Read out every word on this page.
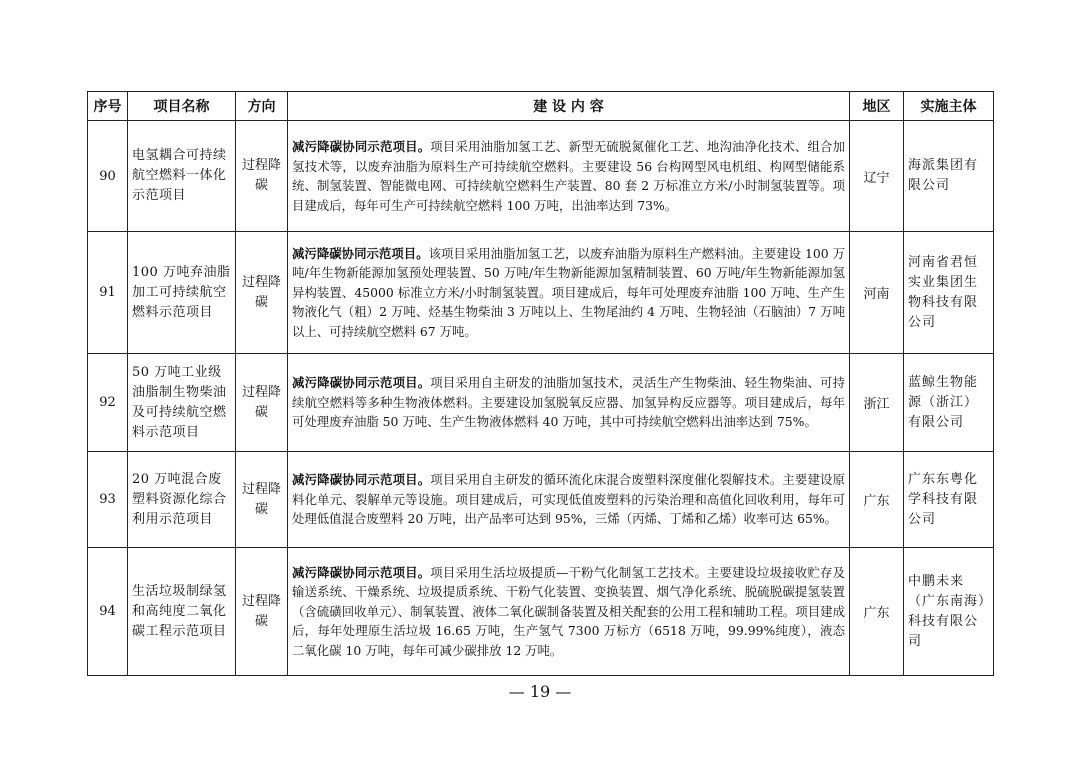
序号	项目名称	方向	建 设 内 容	地区	实施主体
90	电氢耦合可持续航空燃料一体化示范项目	过程降碳	减污降碳协同示范项目。项目采用油脂加氢工艺、新型无硫脱氮催化工艺、地沟油净化技术、组合加氢技术等，以废弃油脂为原料生产可持续航空燃料。主要建设 56 台构网型风电机组、构网型储能系统、制氢装置、智能微电网、可持续航空燃料生产装置、80 套 2 万标准立方米/小时制氢装置等。项目建成后，每年可生产可持续航空燃料 100 万吨，出油率达到 73%。	辽宁	海派集团有限公司
91	100 万吨弃油脂加工可持续航空燃料示范项目	过程降碳	减污降碳协同示范项目。该项目采用油脂加氢工艺，以废弃油脂为原料生产燃料油。主要建设 100 万吨/年生物新能源加氢预处理装置、50 万吨/年生物新能源加氢精制装置、60 万吨/年生物新能源加氢异构装置、45000 标准立方米/小时制氢装置。项目建成后，每年可处理废弃油脂 100 万吨、生产生物液化气（粗）2 万吨、烃基生物柴油 3 万吨以上、生物尾油约 4 万吨、生物轻油（石脑油）7 万吨以上、可持续航空燃料 67 万吨。	河南	河南省君恒实业集团生物科技有限公司
92	50 万吨工业级油脂制生物柴油及可持续航空燃料示范项目	过程降碳	减污降碳协同示范项目。项目采用自主研发的油脂加氢技术，灵活生产生物柴油、轻生物柴油、可持续航空燃料等多种生物液体燃料。主要建设加氢脱氧反应器、加氢异构反应器等。项目建成后，每年可处理废弃油脂 50 万吨、生产生物液体燃料 40 万吨，其中可持续航空燃料出油率达到 75%。	浙江	蓝鲸生物能源（浙江）有限公司
93	20 万吨混合废塑料资源化综合利用示范项目	过程降碳	减污降碳协同示范项目。项目采用自主研发的循环流化床混合废塑料深度催化裂解技术。主要建设原料化单元、裂解单元等设施。项目建成后，可实现低值废塑料的污染治理和高值化回收利用，每年可处理低值混合废塑料 20 万吨，出产品率可达到 95%，三烯（丙烯、丁烯和乙烯）收率可达 65%。	广东	广东东粤化学科技有限公司
94	生活垃圾制绿氢和高纯度二氧化碳工程示范项目	过程降碳	减污降碳协同示范项目。项目采用生活垃圾提质—干粉气化制氢工艺技术。主要建设垃圾接收贮存及输送系统、干燥系统、垃圾提质系统、干粉气化装置、变换装置、烟气净化系统、脱硫脱碳提氢装置（含硫磺回收单元）、制氧装置、液体二氧化碳制备装置及相关配套的公用工程和辅助工程。项目建成后，每年处理原生活垃圾 16.65 万吨，生产氢气 7300 万标方（6518 万吨，99.99%纯度），液态二氧化碳 10 万吨，每年可减少碳排放 12 万吨。	广东	中鹏未来（广东南海）科技有限公司
— 19 —
